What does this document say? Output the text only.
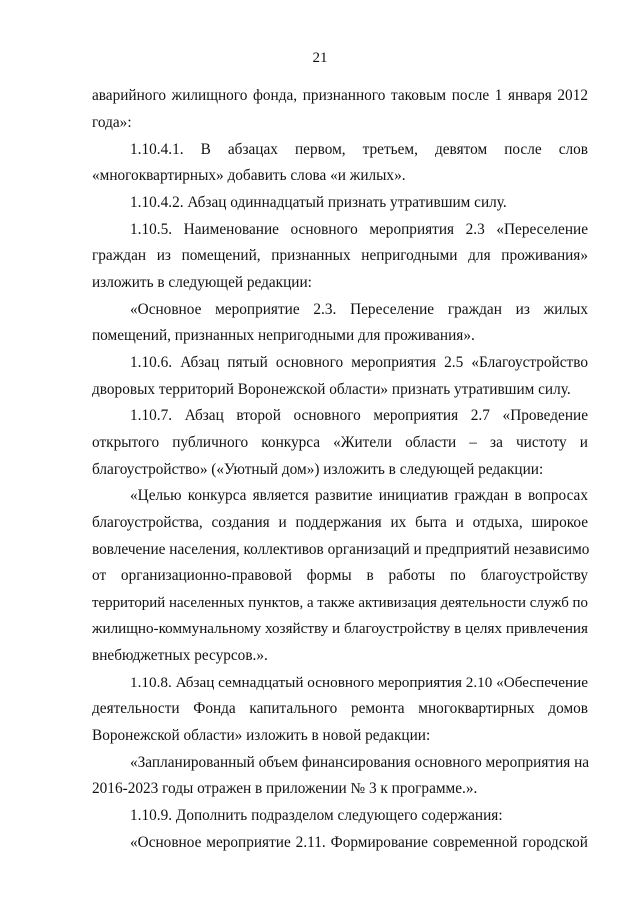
21
аварийного жилищного фонда, признанного таковым после 1 января 2012
года»:
1.10.4.1. В абзацах первом, третьем, девятом после слов
«многоквартирных» добавить слова «и жилых».
1.10.4.2. Абзац одиннадцатый признать утратившим силу.
1.10.5. Наименование основного мероприятия 2.3 «Переселение
граждан из помещений, признанных непригодными для проживания»
изложить в следующей редакции:
«Основное мероприятие 2.3. Переселение граждан из жилых
помещений, признанных непригодными для проживания».
1.10.6. Абзац пятый основного мероприятия 2.5 «Благоустройство
дворовых территорий Воронежской области» признать утратившим силу.
1.10.7. Абзац второй основного мероприятия 2.7 «Проведение
открытого публичного конкурса «Жители области – за чистоту и
благоустройство» («Уютный дом») изложить в следующей редакции:
«Целью конкурса является развитие инициатив граждан в вопросах
благоустройства, создания и поддержания их быта и отдыха, широкое
вовлечение населения, коллективов организаций и предприятий независимо
от организационно-правовой формы в работы по благоустройству
территорий населенных пунктов, а также активизация деятельности служб по
жилищно-коммунальному хозяйству и благоустройству в целях привлечения
внебюджетных ресурсов.».
1.10.8. Абзац семнадцатый основного мероприятия 2.10 «Обеспечение
деятельности Фонда капитального ремонта многоквартирных домов
Воронежской области» изложить в новой редакции:
«Запланированный объем финансирования основного мероприятия на
2016-2023 годы отражен в приложении № 3 к программе.».
1.10.9. Дополнить подразделом следующего содержания:
«Основное мероприятие 2.11. Формирование современной городской
